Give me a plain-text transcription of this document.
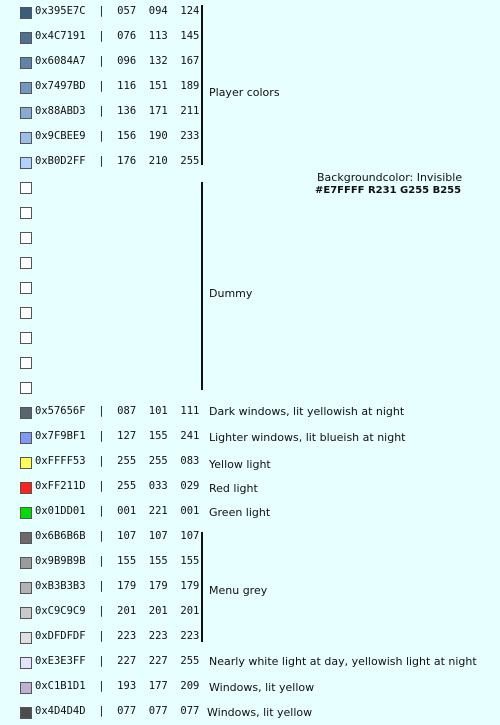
0x395E7C  |  057  094  124
0x4C7191  |  076  113  145
0x6084A7  |  096  132  167
0x7497BD  |  116  151  189
0x88ABD3  |  136  171  211
0x9CBEE9  |  156  190  233
0xB0D2FF  |  176  210  255
0x57656F  |  087  101  111
0x7F9BF1  |  127  155  241
0xFFFF53  |  255  255  083
0xFF211D  |  255  033  029
0x01DD01  |  001  221  001
0x6B6B6B  |  107  107  107
0x9B9B9B  |  155  155  155
0xB3B3B3  |  179  179  179
0xC9C9C9  |  201  201  201
0xDFDFDF  |  223  223  223
0xE3E3FF  |  227  227  255
0xC1B1D1  |  193  177  209
0x4D4D4D  |  077  077  077
Player colors
Dummy
Dark windows, lit yellowish at night
Lighter windows, lit blueish at night
Yellow light
Red light
Green light
Menu grey
Nearly white light at day, yellowish light at night
Windows, lit yellow
Windows, lit yellow
Backgroundcolor: Invisible
#E7FFFF R231 G255 B255
